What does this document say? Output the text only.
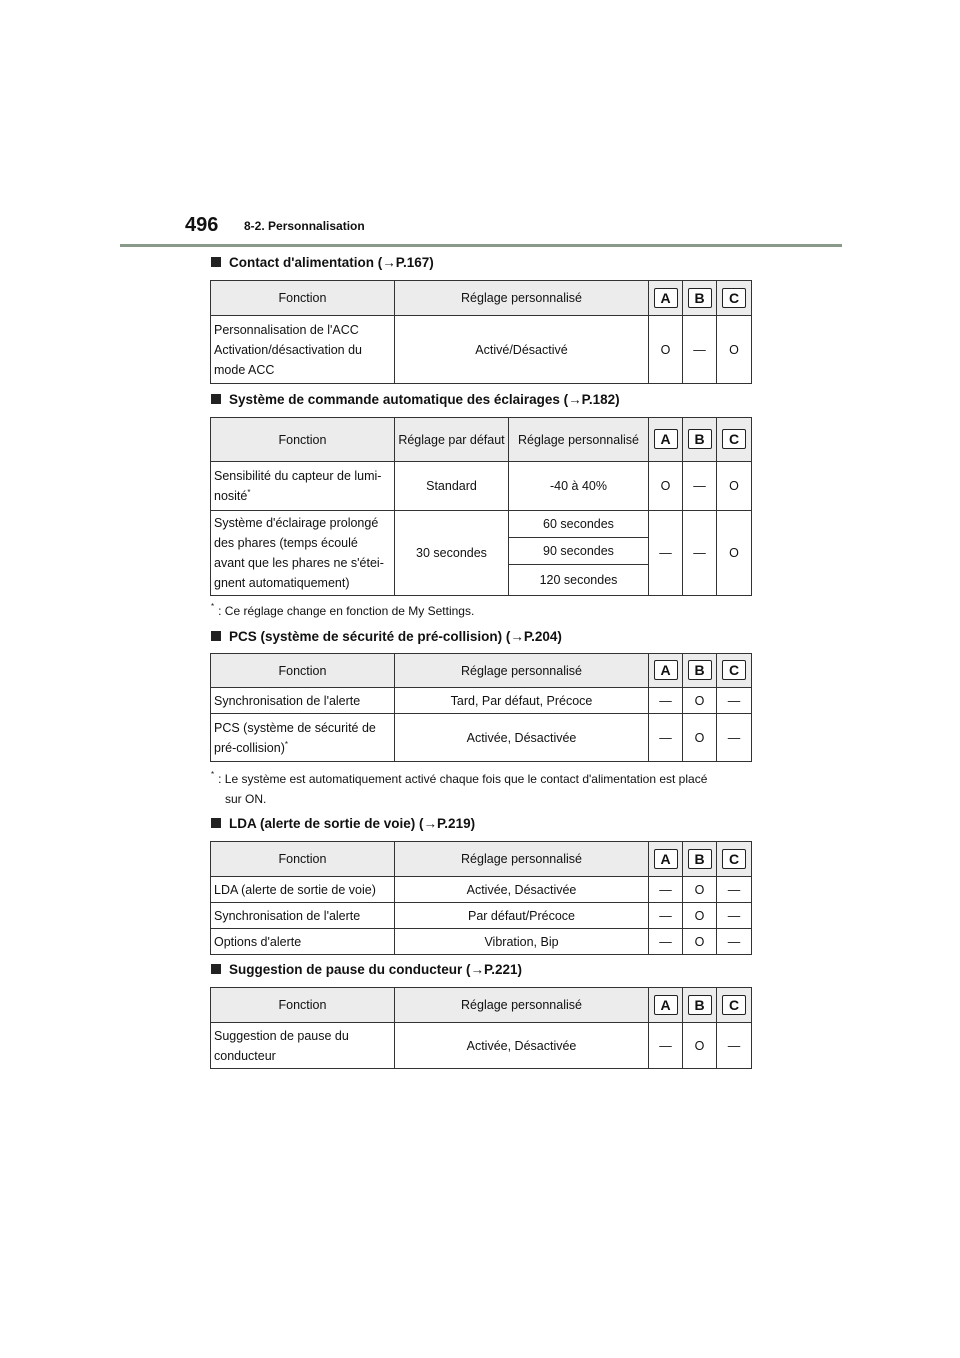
496 8-2. Personnalisation
Contact d'alimentation (→P.167)
Fonction	Réglage personnalisé	A	B	C

Personnalisation de l'ACC
Activation/désactivation du mode ACC	Activé/Désactivé	O	—	O
Système de commande automatique des éclairages (→P.182)
Fonction	Réglage par défaut	Réglage personnalisé	A	B	C
Sensibilité du capteur de lumi-nosité*	Standard	-40 à 40%	O	—	O
Système d'éclairage prolongé des phares (temps écoulé avant que les phares ne s'étei-gnent automatiquement)	30 secondes	60 secondes	—	—	O
		90 secondes			
		120 secondes			
* : Ce réglage change en fonction de My Settings.
PCS (système de sécurité de pré-collision) (→P.204)
Fonction	Réglage personnalisé	A	B	C
Synchronisation de l'alerte	Tard, Par défaut, Précoce	—	O	—
PCS (système de sécurité de pré-collision)*	Activée, Désactivée	—	O	—
* : Le système est automatiquement activé chaque fois que le contact d'alimentation est placé
sur ON.
LDA (alerte de sortie de voie) (→P.219)
Fonction	Réglage personnalisé	A	B	C
LDA (alerte de sortie de voie)	Activée, Désactivée	—	O	—
Synchronisation de l'alerte	Par défaut/Précoce	—	O	—
Options d'alerte	Vibration, Bip	—	O	—
Suggestion de pause du conducteur (→P.221)
Fonction	Réglage personnalisé	A	B	C
Suggestion de pause du conducteur	Activée, Désactivée	—	O	—
